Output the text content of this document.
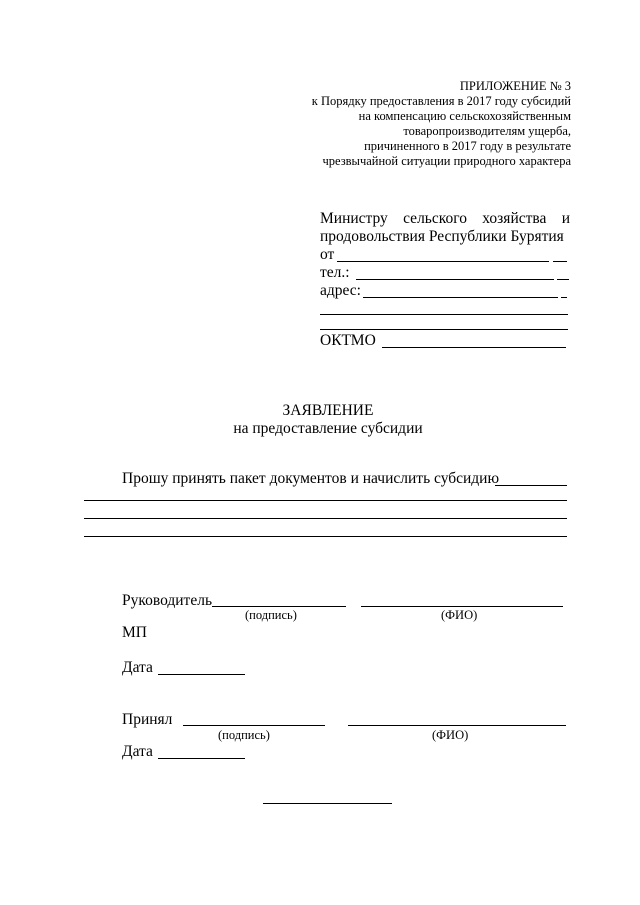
ПРИЛОЖЕНИЕ № 3
к Порядку предоставления в 2017 году субсидий
на компенсацию сельскохозяйственным
товаропроизводителям ущерба,
причиненного в 2017 году в результате
чрезвычайной ситуации природного характера
Министру сельского хозяйства и
продовольствия Республики Бурятия
от
тел.:
адрес:
ОКТМО
ЗАЯВЛЕНИЕ
на предоставление субсидии
Прошу принять пакет документов и начислить субсидию
Руководитель
(подпись)	(ФИО)
МП
Дата
Принял
(подпись)	(ФИО)
Дата
